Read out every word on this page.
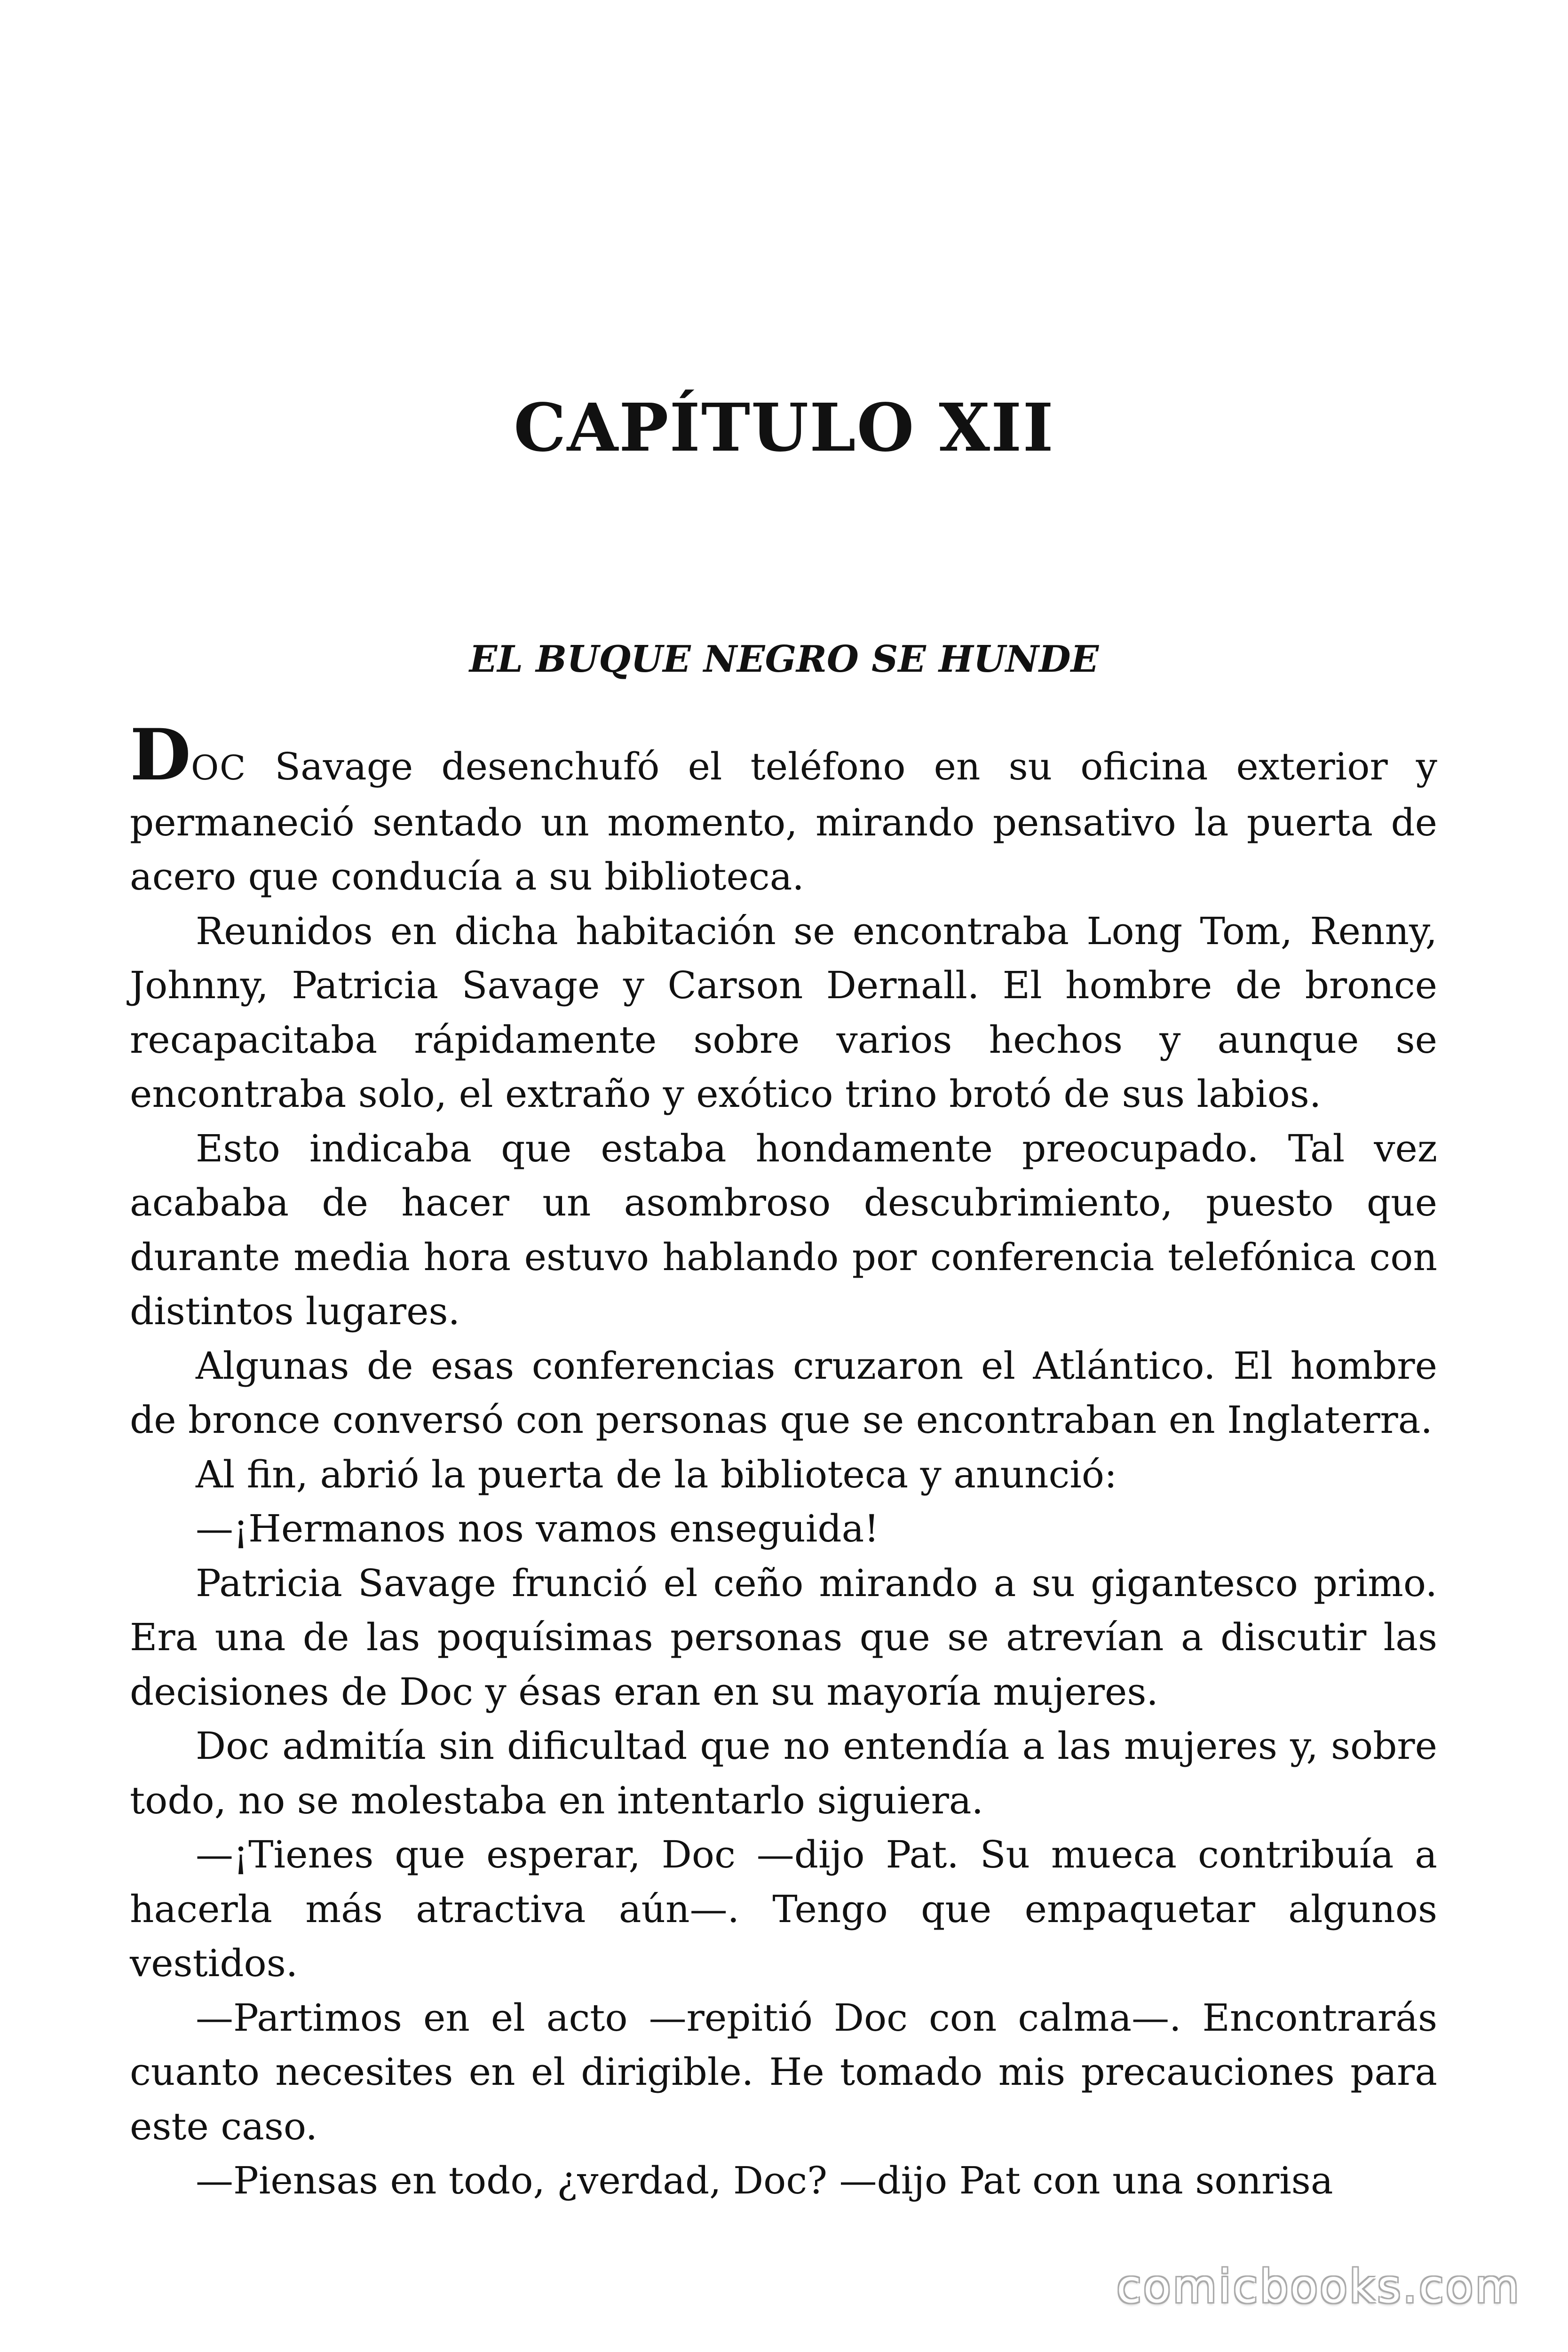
CAPÍTULO XII
EL BUQUE NEGRO SE HUNDE

DOC Savage desenchufó el teléfono en su oficina exterior y permaneció sentado un momento, mirando pensativo la puerta de acero que conducía a su biblioteca.

Reunidos en dicha habitación se encontraba Long Tom, Renny, Johnny, Patricia Savage y Carson Dernall. El hombre de bronce recapacitaba rápidamente sobre varios hechos y aunque se encontraba solo, el extraño y exótico trino brotó de sus labios.

Esto indicaba que estaba hondamente preocupado. Tal vez acababa de hacer un asombroso descubrimiento, puesto que durante media hora estuvo hablando por conferencia telefónica con distintos lugares.

Algunas de esas conferencias cruzaron el Atlántico. El hombre de bronce conversó con personas que se encontraban en Inglaterra.

Al fin, abrió la puerta de la biblioteca y anunció:

—¡Hermanos nos vamos enseguida!

Patricia Savage frunció el ceño mirando a su gigantesco primo. Era una de las poquísimas personas que se atrevían a discutir las decisiones de Doc y ésas eran en su mayoría mujeres.

Doc admitía sin dificultad que no entendía a las mujeres y, sobre todo, no se molestaba en intentarlo siguiera.

—¡Tienes que esperar, Doc —dijo Pat. Su mueca contribuía a hacerla más atractiva aún—. Tengo que empaquetar algunos vestidos.

—Partimos en el acto —repitió Doc con calma—. Encontrarás cuanto necesites en el dirigible. He tomado mis precauciones para este caso.

—Piensas en todo, ¿verdad, Doc? —dijo Pat con una sonrisa

comicbooks.com
